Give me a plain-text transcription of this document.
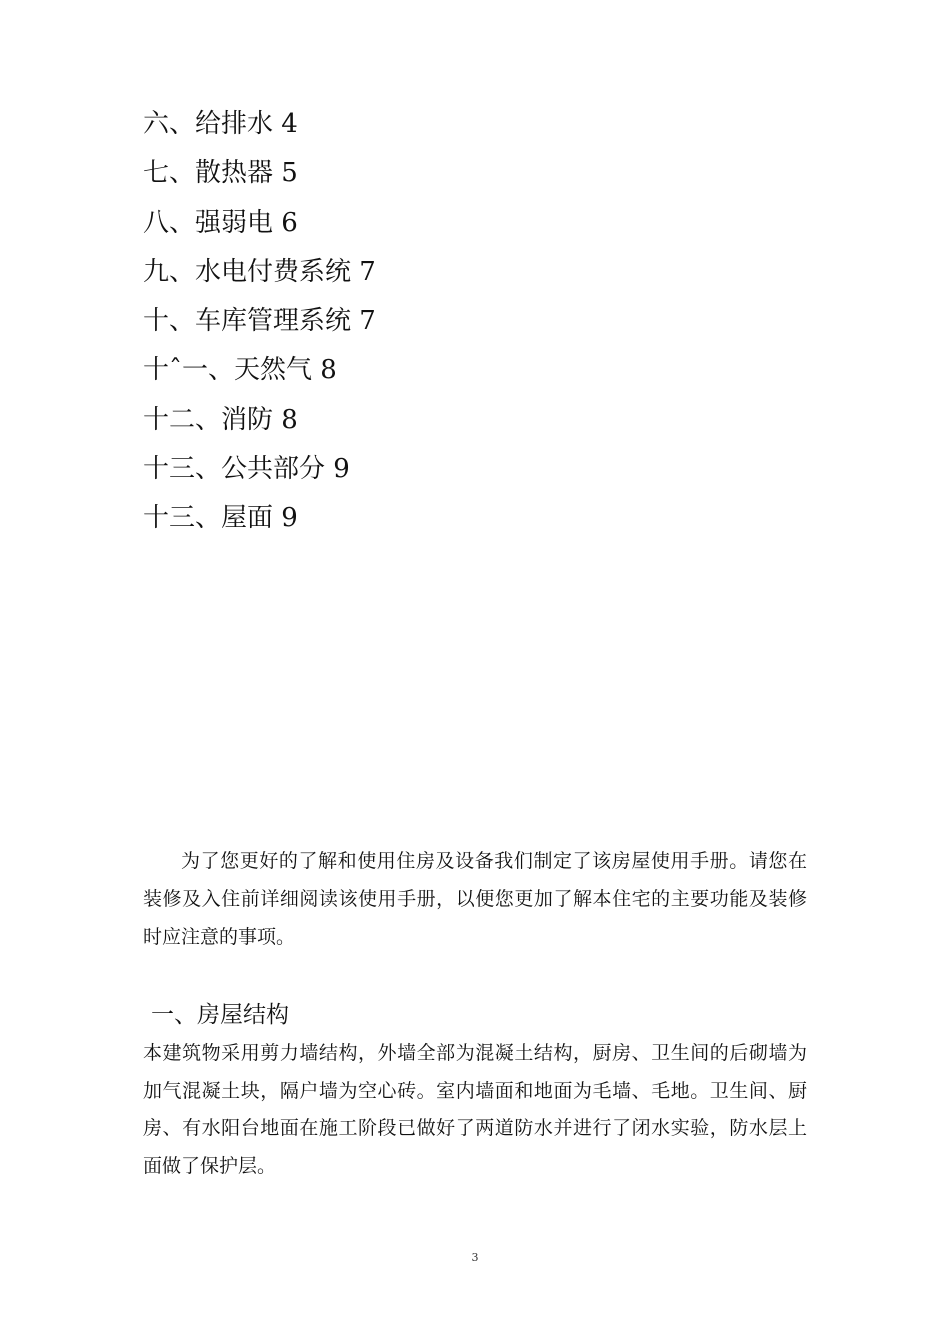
六、给排水 4
七、散热器 5
八、强弱电 6
九、水电付费系统 7
十、车库管理系统 7
十ˆ一、天然气 8
十二、消防 8
十三、公共部分 9
十三、屋面 9

为了您更好的了解和使用住房及设备我们制定了该房屋使用手册。请您在装修及入住前详细阅读该使用手册，以便您更加了解本住宅的主要功能及装修时应注意的事项。

一、房屋结构

本建筑物采用剪力墙结构，外墙全部为混凝土结构，厨房、卫生间的后砌墙为加气混凝土块，隔户墙为空心砖。室内墙面和地面为毛墙、毛地。卫生间、厨房、有水阳台地面在施工阶段已做好了两道防水并进行了闭水实验，防水层上面做了保护层。

3
